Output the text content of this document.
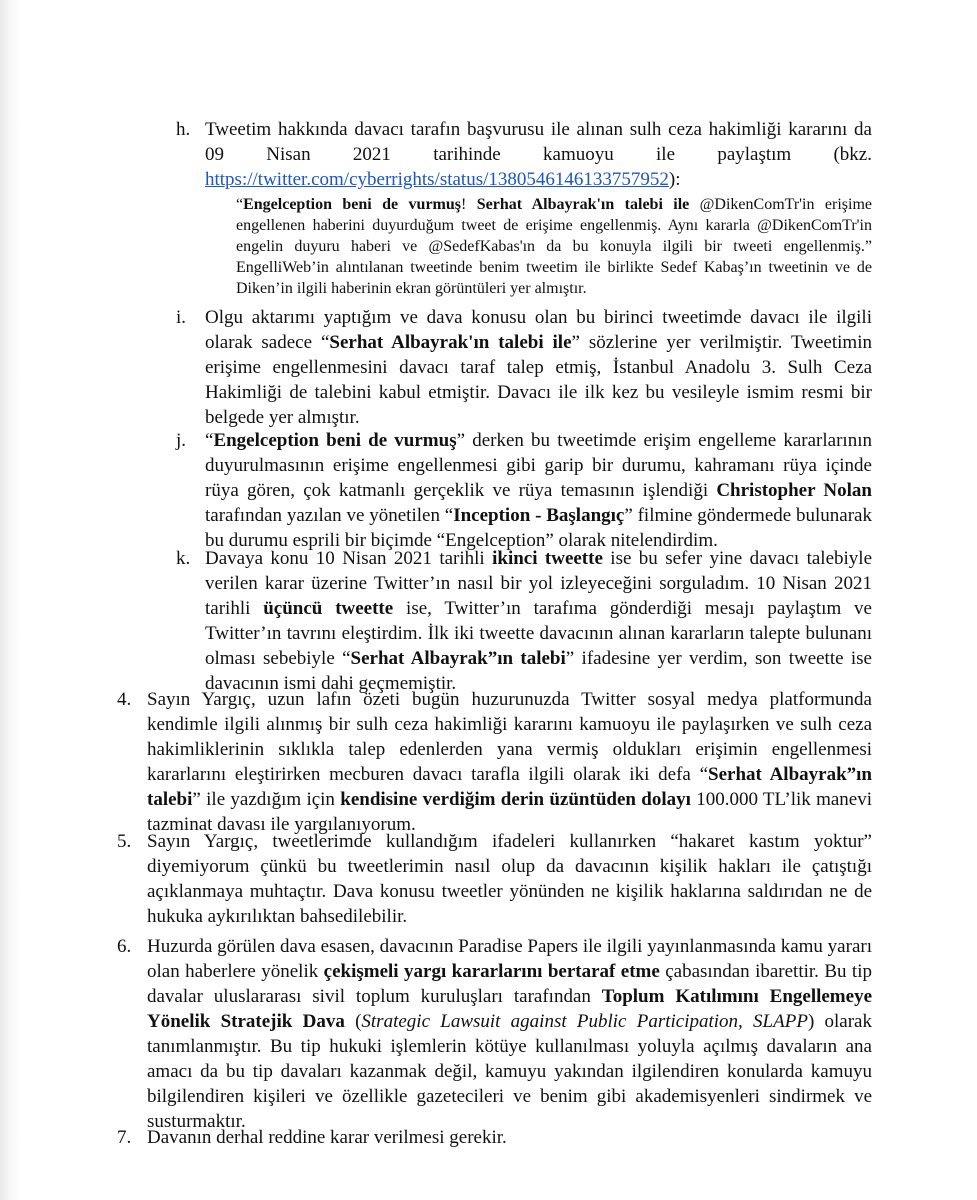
h. Tweetim hakkında davacı tarafın başvurusu ile alınan sulh ceza hakimliği kararını da 09 Nisan 2021 tarihinde kamuoyu ile paylaştım (bkz. https://twitter.com/cyberrights/status/1380546146133757952):
“Engelception beni de vurmuş! Serhat Albayrak'ın talebi ile @DikenComTr'in erişime engellenen haberini duyurduğum tweet de erişime engellenmiş. Aynı kararla @DikenComTr'in engelin duyuru haberi ve @SedefKabas'ın da bu konuyla ilgili bir tweeti engellenmiş.” EngelliWeb’in alıntılanan tweetinde benim tweetim ile birlikte Sedef Kabaş’ın tweetinin ve de Diken’in ilgili haberinin ekran görüntüleri yer almıştır.
i. Olgu aktarımı yaptığım ve dava konusu olan bu birinci tweetimde davacı ile ilgili olarak sadece “Serhat Albayrak'ın talebi ile” sözlerine yer verilmiştir. Tweetimin erişime engellenmesini davacı taraf talep etmiş, İstanbul Anadolu 3. Sulh Ceza Hakimliği de talebini kabul etmiştir. Davacı ile ilk kez bu vesileyle ismim resmi bir belgede yer almıştır.
j. “Engelception beni de vurmuş” derken bu tweetimde erişim engelleme kararlarının duyurulmasının erişime engellenmesi gibi garip bir durumu, kahramanı rüya içinde rüya gören, çok katmanlı gerçeklik ve rüya temasının işlendiği Christopher Nolan tarafından yazılan ve yönetilen “Inception - Başlangıç” filmine göndermede bulunarak bu durumu esprili bir biçimde “Engelception” olarak nitelendirdim.
k. Davaya konu 10 Nisan 2021 tarihli ikinci tweette ise bu sefer yine davacı talebiyle verilen karar üzerine Twitter’ın nasıl bir yol izleyeceğini sorguladım. 10 Nisan 2021 tarihli üçüncü tweette ise, Twitter’ın tarafıma gönderdiği mesajı paylaştım ve Twitter’ın tavrını eleştirdim. İlk iki tweette davacının alınan kararların talepte bulunanı olması sebebiyle “Serhat Albayrak”ın talebi” ifadesine yer verdim, son tweette ise davacının ismi dahi geçmemiştir.
4. Sayın Yargıç, uzun lafın özeti bugün huzurunuzda Twitter sosyal medya platformunda kendimle ilgili alınmış bir sulh ceza hakimliği kararını kamuoyu ile paylaşırken ve sulh ceza hakimliklerinin sıklıkla talep edenlerden yana vermiş oldukları erişimin engellenmesi kararlarını eleştirirken mecburen davacı tarafla ilgili olarak iki defa “Serhat Albayrak”ın talebi” ile yazdığım için kendisine verdiğim derin üzüntüden dolayı 100.000 TL’lik manevi tazminat davası ile yargılanıyorum.
5. Sayın Yargıç, tweetlerimde kullandığım ifadeleri kullanırken “hakaret kastım yoktur” diyemiyorum çünkü bu tweetlerimin nasıl olup da davacının kişilik hakları ile çatıştığı açıklanmaya muhtaçtır. Dava konusu tweetler yönünden ne kişilik haklarına saldırıdan ne de hukuka aykırılıktan bahsedilebilir.
6. Huzurda görülen dava esasen, davacının Paradise Papers ile ilgili yayınlanmasında kamu yararı olan haberlere yönelik çekişmeli yargı kararlarını bertaraf etme çabasından ibarettir. Bu tip davalar uluslararası sivil toplum kuruluşları tarafından Toplum Katılımını Engellemeye Yönelik Stratejik Dava (Strategic Lawsuit against Public Participation, SLAPP) olarak tanımlanmıştır. Bu tip hukuki işlemlerin kötüye kullanılması yoluyla açılmış davaların ana amacı da bu tip davaları kazanmak değil, kamuyu yakından ilgilendiren konularda kamuyu bilgilendiren kişileri ve özellikle gazetecileri ve benim gibi akademisyenleri sindirmek ve susturmaktır.
7. Davanın derhal reddine karar verilmesi gerekir.
